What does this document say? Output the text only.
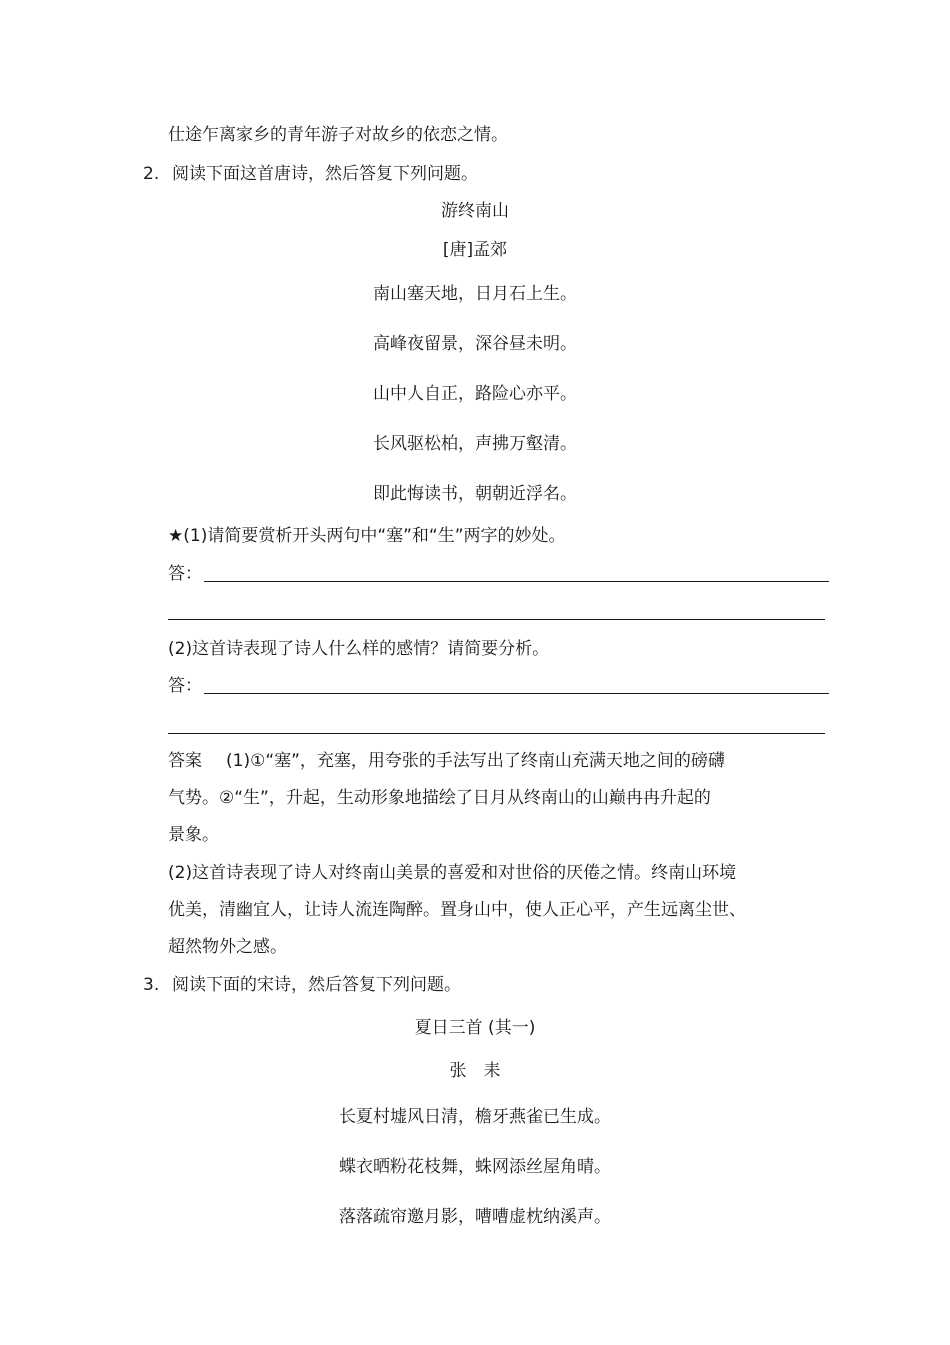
仕途乍离家乡的青年游子对故乡的依恋之情。
2. 阅读下面这首唐诗，然后答复下列问题。
游终南山
[唐]孟郊
南山塞天地，日月石上生。
高峰夜留景，深谷昼未明。
山中人自正，路险心亦平。
长风驱松柏，声拂万壑清。
即此悔读书，朝朝近浮名。
★(1)请简要赏析开头两句中“塞”和“生”两字的妙处。
答：
(2)这首诗表现了诗人什么样的感情？请简要分析。
答：
答案 (1)①“塞”，充塞，用夸张的手法写出了终南山充满天地之间的磅礴
气势。②“生”，升起，生动形象地描绘了日月从终南山的山巅冉冉升起的
景象。
(2)这首诗表现了诗人对终南山美景的喜爱和对世俗的厌倦之情。终南山环境
优美，清幽宜人，让诗人流连陶醉。置身山中，使人正心平，产生远离尘世、
超然物外之感。
3. 阅读下面的宋诗，然后答复下列问题。
夏日三首 (其一)
张　耒
长夏村墟风日清，檐牙燕雀已生成。
蝶衣晒粉花枝舞，蛛网添丝屋角晴。
落落疏帘邀月影，嘈嘈虚枕纳溪声。
